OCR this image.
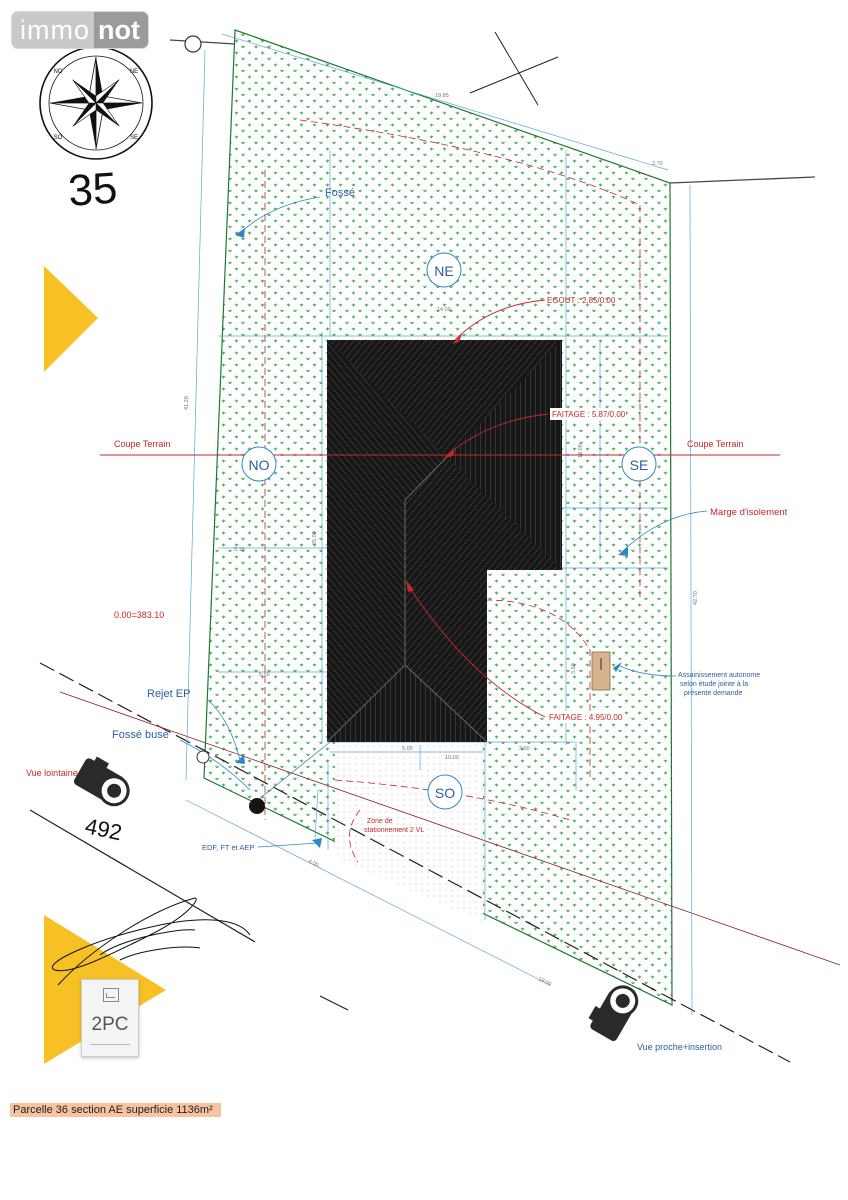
NE
NO	SE
SO
Fossé
EGOUT : 2.85/0.00
FAITAGE : 5.87/0.00
FAITAGE : 4.95/0.00
Coupe Terrain	Coupe Terrain
Marge d'isolement
0.00=383.10
Rejet EP
Fossé busé
Vue lointaine
EDF, FT et AEP
Zone de
stationnement 2 VL
Assainissement autonome
selon étude jointe à la
présente demande
Vue proche+insertion
19.85
2.70
41.20
42.70
14.00
25.00
18.09
5.50
5.16
5.00	3.00
10.00
19.00
3.50
4.00
NO	NE
SO	SE
35
492
immo not
2PC
Parcelle 36 section AE superficie 1136m²
